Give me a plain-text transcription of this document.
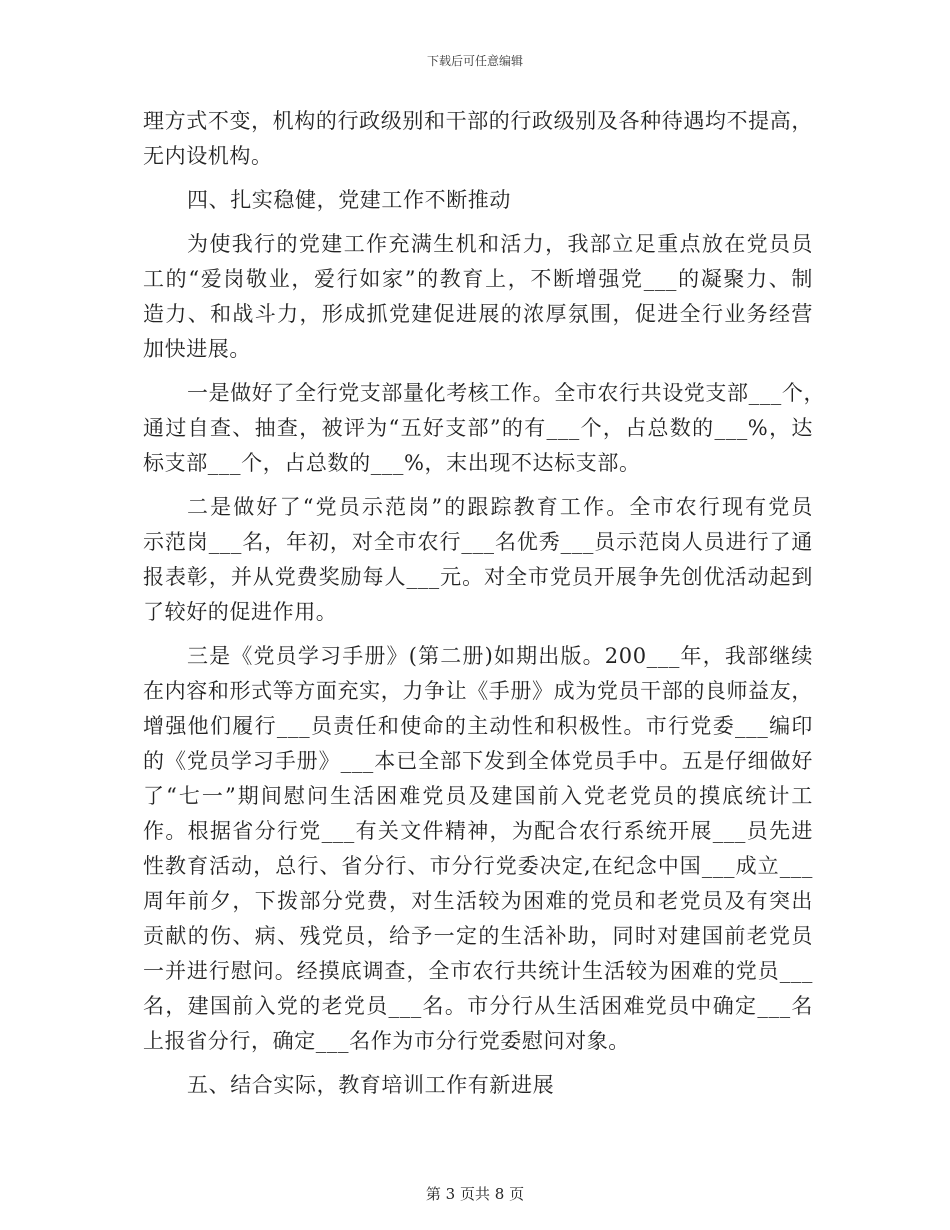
下载后可任意编辑
理方式不变，机构的行政级别和干部的行政级别及各种待遇均不提高，
无内设机构。
四、扎实稳健，党建工作不断推动
为使我行的党建工作充满生机和活力，我部立足重点放在党员员
工的“爱岗敬业，爱行如家”的教育上，不断增强党___的凝聚力、制
造力、和战斗力，形成抓党建促进展的浓厚氛围，促进全行业务经营
加快进展。
一是做好了全行党支部量化考核工作。全市农行共设党支部___个，
通过自查、抽查，被评为“五好支部”的有___个，占总数的___%，达
标支部___个，占总数的___%，末出现不达标支部。
二是做好了“党员示范岗”的跟踪教育工作。全市农行现有党员
示范岗___名，年初，对全市农行___名优秀___员示范岗人员进行了通
报表彰，并从党费奖励每人___元。对全市党员开展争先创优活动起到
了较好的促进作用。
三是《党员学习手册》(第二册)如期出版。200___年，我部继续
在内容和形式等方面充实，力争让《手册》成为党员干部的良师益友，
增强他们履行___员责任和使命的主动性和积极性。市行党委___编印
的《党员学习手册》___本已全部下发到全体党员手中。五是仔细做好
了“七一”期间慰问生活困难党员及建国前入党老党员的摸底统计工
作。根据省分行党___有关文件精神，为配合农行系统开展___员先进
性教育活动，总行、省分行、市分行党委决定,在纪念中国___成立___
周年前夕，下拨部分党费，对生活较为困难的党员和老党员及有突出
贡献的伤、病、残党员，给予一定的生活补助，同时对建国前老党员
一并进行慰问。经摸底调查，全市农行共统计生活较为困难的党员___
名，建国前入党的老党员___名。市分行从生活困难党员中确定___名
上报省分行，确定___名作为市分行党委慰问对象。
五、结合实际，教育培训工作有新进展
第 3 页共 8 页
